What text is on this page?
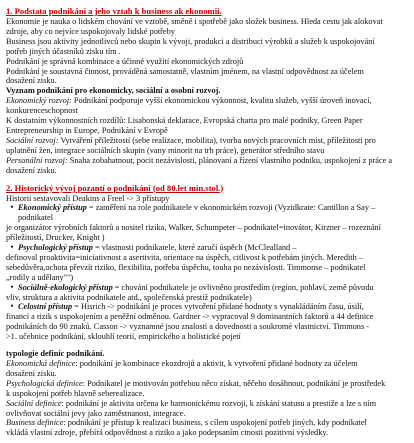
1. Podstata podnikání a jeho vztah k business ak ekonomii.

Ekonomie je nauka o lidském chování ve vztobě, směně i spotřebě jako složek business. Hleda cestu jak alokovat

zdroje, aby co nejvíce uspokojovaly lidské potřeby

Business jsou aktivity jednotlivců nebo skupin k vývoji, produkci a distribuci výrobků a služeb k uspokojování

potřeb jiných účastníků zisku tím .

Podnikání je správná kombinace a účinné využití ekonomických zdrojů

Podnikání je soustavná činnost, prováděná samostatně, vlastním jménem, na vlastní odpovědnost za účelem

dosažení zisku.

Vyznam podnikání pro ekonomicky, sociální a osobní rozvoj.

Ekonomický rozvoj: Podnikání podporuje vyšší ekonomickou výkonnost, kvalitu služeb, vyšší úroveň inovací,

konkurenceschopnost

K dostatním výkonnostních rozdílů: Lisabonská deklarace, Evropská charta pro malé podniky, Green Paper

Entrepreneurship in Europe, Podnikání v Evropě

Sociální rozvoj: Vytváření příležitostí (sebe realizace, mobilita), tvorba nových pracovních míst, příležitosti pro

uplatnění žen, integrace sociálních skupin (vany minorit na trh práce), generátor středního stavu

Personální rozvoj: Snaha zobahatnout, pocit nezávislosti, plánovaní a řízení vlastního podniku, uspokojení z práce a

dosažení zisku.

2. Historický vývoj pozantí o podnikání (od 80.let min.stol.)

Historii sestavovali Deakins a Freel -> 3 přístupy

• Ekonomický přístup = zaměření na role podnikatele v ekonomickém rozvoji (Vyzidkrate: Cantillon a Say – podnikatel

je organizátor výrobních faktorů a nositel rizika, Walker, Schumpeter – podnikatel=inovátor, Kirzner – rozeznání

příležitostí, Drucker, Knight )

• Psychologický přístup = vlastnosti podnikatele, které zaručí úspěch (McClealland –

definoval proaktivita=iniciativnost a asertivita, orientace na úspěch, citlivost k potřebám jiných. Meredith –

sebedůvěra,ochota převzít riziko, flexibilita, potřeba úspěchu, touha po nezávislosti. Timmonse – podnikatel

„rodily a udělany"")

• Sociálně-ekologický přístup = chování podnikatele je ovlivněno prostředím (region, pohlaví, země původu

vliv, struktura a aktivita podnikatele atd., společenská prestiž podnikatele)

• Celostní přístup = Hisrich -> podnikání je proces vytvoření přidané hodnoty s vynakládáním času, úsilí,

financí a rizik s uspokojením a peněžní odměnou. Gardner -> vypracoval 9 dominantních faktorů a 44 definice

podnikáních do 90 znaků. Casson -> vyznamné jsou znalosti a dovednosti a soukromé vlastnictví. Timmons -

>1. učebnice podnikání, sklouhlí teorií, empirického a holistické pojetí

typologie definic podnikání.

Ekonomická definice: podnikání je kombinace ekozdrojů a aktivit, k vytvoření přidané hodnoty za účelem

dosažení zisku.

Psychologická definice: Podnikatel je motivován potřebou něco získat, něčeho dosáhnout, podnikání je prostředek

k uspokojení potřeb hlavně seberealizace.

Sociální definice: podnikání je aktivita určena ke harmonickému rozvoji, k získání statusu a prestiže a lze s ním

ovlivňovat sociální jevy jako zaměstnanost, integrace.

Business definice: podnikání je přístup k realizaci business, s cílem uspokojení potřeb jiných, kdy podnikatel

vkládá vlastní zdroje, přebírá odpovědnost a riziko a jako podepsaním ctnosti pozitivní výsledky.
